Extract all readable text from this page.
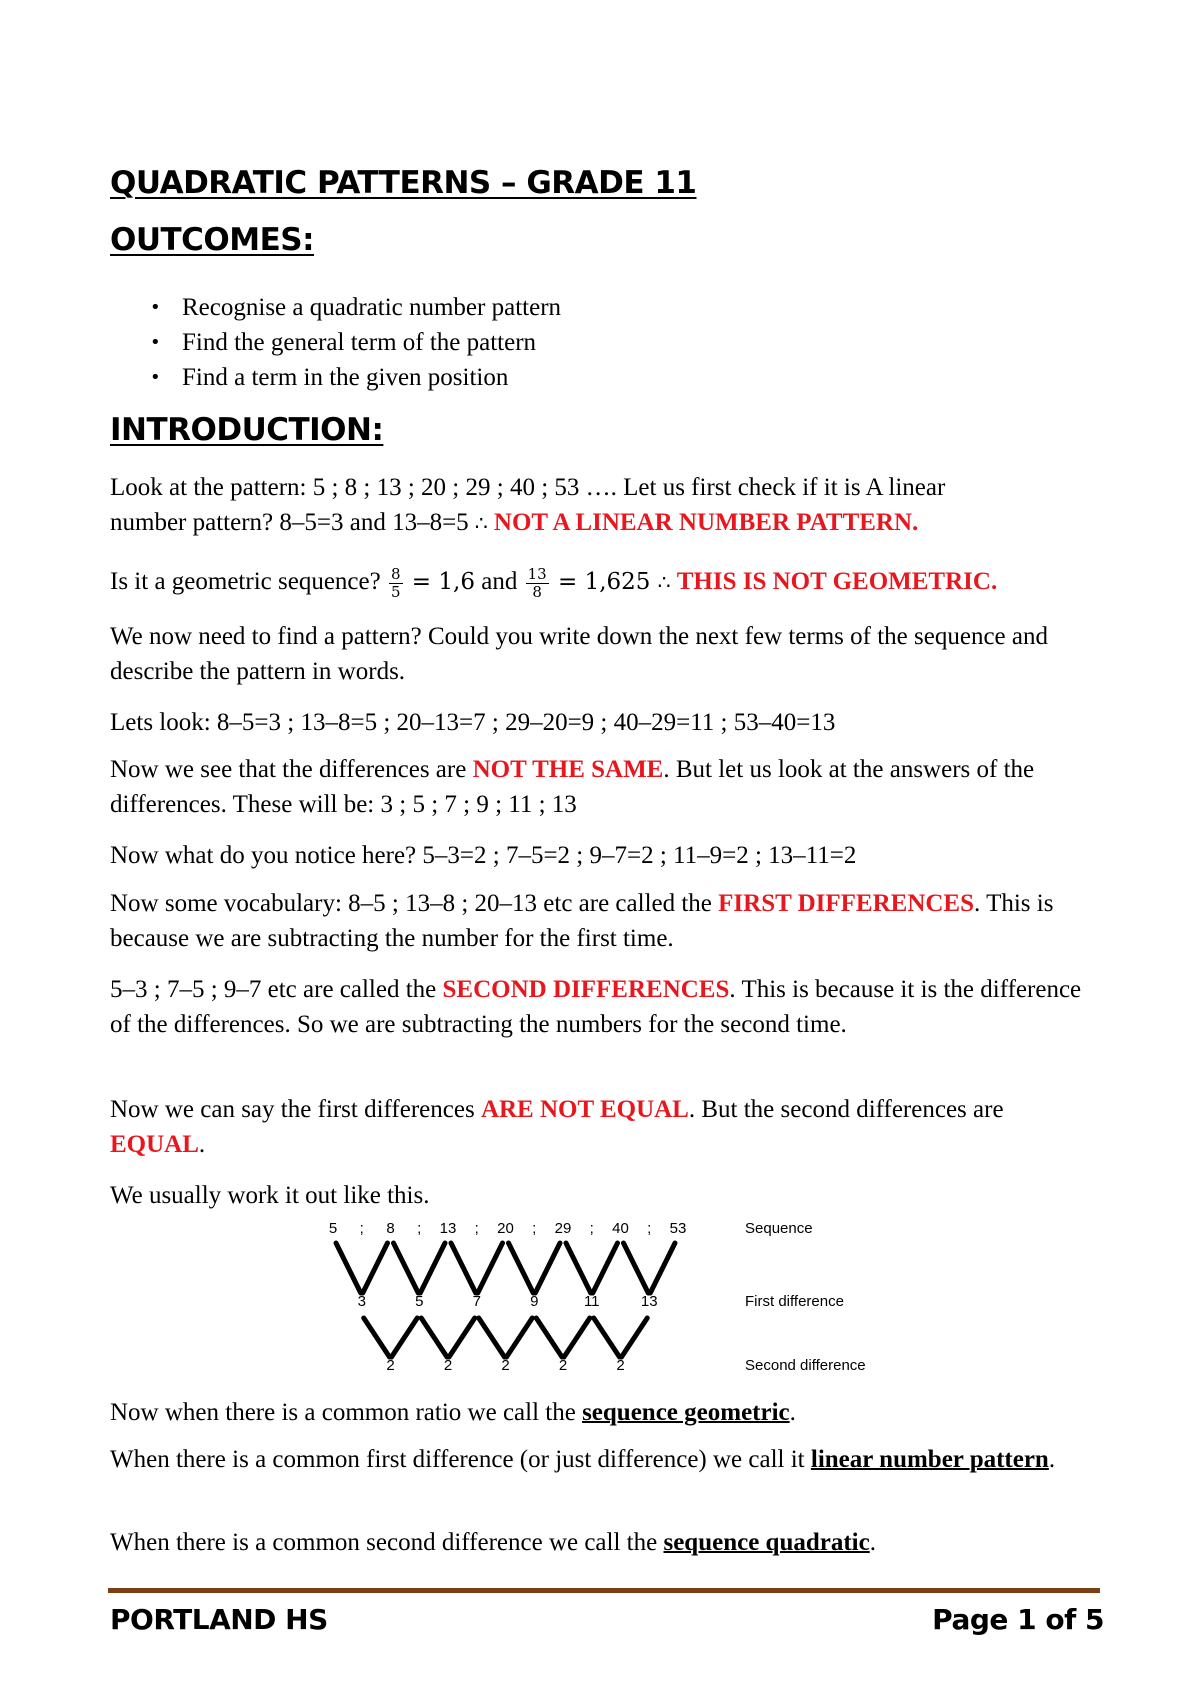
QUADRATIC PATTERNS – GRADE 11
OUTCOMES:
• Recognise a quadratic number pattern
• Find the general term of the pattern
• Find a term in the given position
INTRODUCTION:
Look at the pattern: 5 ; 8 ; 13 ; 20 ; 29 ; 40 ; 53 …. Let us first check if it is A linear
number pattern? 8–5=3 and 13–8=5 ∴ NOT A LINEAR NUMBER PATTERN.
Is it a geometric sequence? $\frac{8}{5} = 1,6$ and $\frac{13}{8} = 1,625$ ∴ THIS IS NOT GEOMETRIC.
We now need to find a pattern? Could you write down the next few terms of the sequence and describe the pattern in words.
Lets look: 8–5=3 ; 13–8=5 ; 20–13=7 ; 29–20=9 ; 40–29=11 ; 53–40=13
Now we see that the differences are NOT THE SAME. But let us look at the answers of the differences. These will be: 3 ; 5 ; 7 ; 9 ; 11 ; 13
Now what do you notice here? 5–3=2 ; 7–5=2 ; 9–7=2 ; 11–9=2 ; 13–11=2
Now some vocabulary: 8–5 ; 13–8 ; 20–13 etc are called the FIRST DIFFERENCES. This is because we are subtracting the number for the first time.
5–3 ; 7–5 ; 9–7 etc are called the SECOND DIFFERENCES. This is because it is the difference of the differences. So we are subtracting the numbers for the second time.
Now we can say the first differences ARE NOT EQUAL. But the second differences are EQUAL.
We usually work it out like this.
5 ; 8 ; 13 ; 20 ; 29 ; 40 ; 53
3	5	7	9	11	13
2	2	2	2	2
Sequence
First difference
Second difference
Now when there is a common ratio we call the sequence geometric.
When there is a common first difference (or just difference) we call it linear number pattern.
When there is a common second difference we call the sequence quadratic.
PORTLAND HS	Page 1 of 5
